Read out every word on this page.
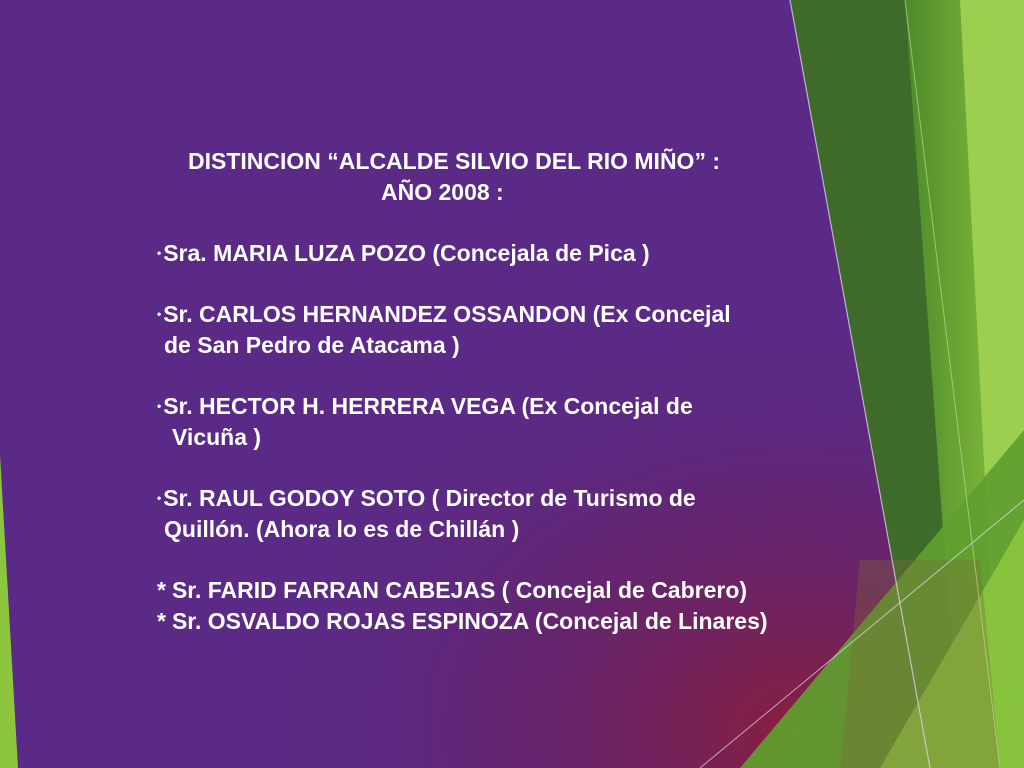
DISTINCION “ALCALDE SILVIO DEL RIO MIÑO” :
AÑO 2008 :
•Sra. MARIA LUZA POZO (Concejala de Pica )
•Sr. CARLOS HERNANDEZ OSSANDON (Ex Concejal
de San Pedro de Atacama )
•Sr. HECTOR H. HERRERA VEGA (Ex Concejal de
Vicuña )
•Sr. RAUL GODOY SOTO ( Director de Turismo de
Quillón. (Ahora lo es de Chillán )
* Sr. FARID FARRAN CABEJAS ( Concejal de Cabrero)
* Sr. OSVALDO ROJAS ESPINOZA (Concejal de Linares)
